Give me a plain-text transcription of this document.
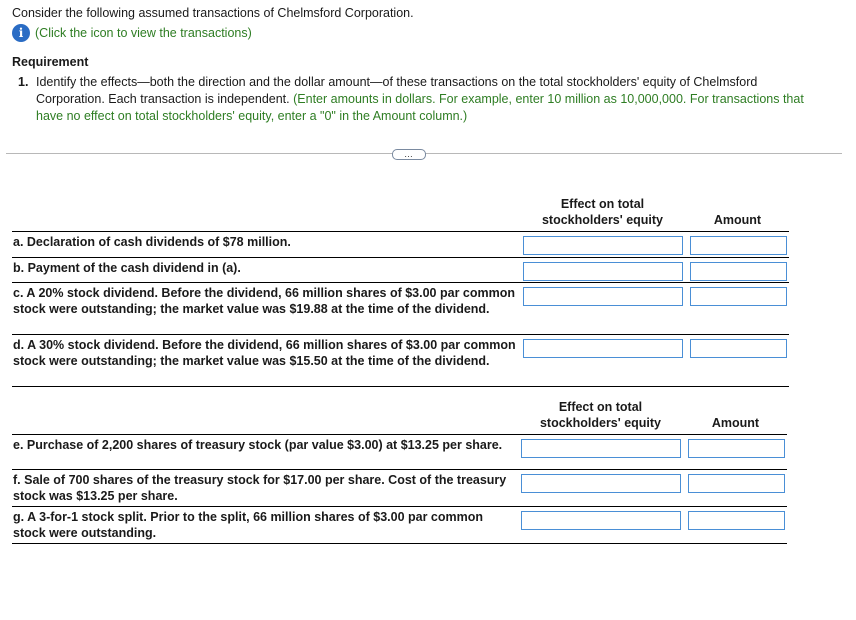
Consider the following assumed transactions of Chelmsford Corporation.
i (Click the icon to view the transactions)
Requirement
1. Identify the effects—both the direction and the dollar amount—of these transactions on the total stockholders' equity of Chelmsford Corporation. Each transaction is independent. (Enter amounts in dollars. For example, enter 10 million as 10,000,000. For transactions that have no effect on total stockholders' equity, enter a "0" in the Amount column.)
…
	Effect on total stockholders' equity	Amount
a. Declaration of cash dividends of $78 million.	

b. Payment of the cash dividend in (a).	

c. A 20% stock dividend. Before the dividend, 66 million shares of $3.00 par common stock were outstanding; the market value was $19.88 at the time of the dividend.	

d. A 30% stock dividend. Before the dividend, 66 million shares of $3.00 par common stock were outstanding; the market value was $15.50 at the time of the dividend.	

	Effect on total stockholders' equity	Amount
e. Purchase of 2,200 shares of treasury stock (par value $3.00) at $13.25 per share.	

f. Sale of 700 shares of the treasury stock for $17.00 per share. Cost of the treasury stock was $13.25 per share.	

g. A 3-for-1 stock split. Prior to the split, 66 million shares of $3.00 par common stock were outstanding.	
